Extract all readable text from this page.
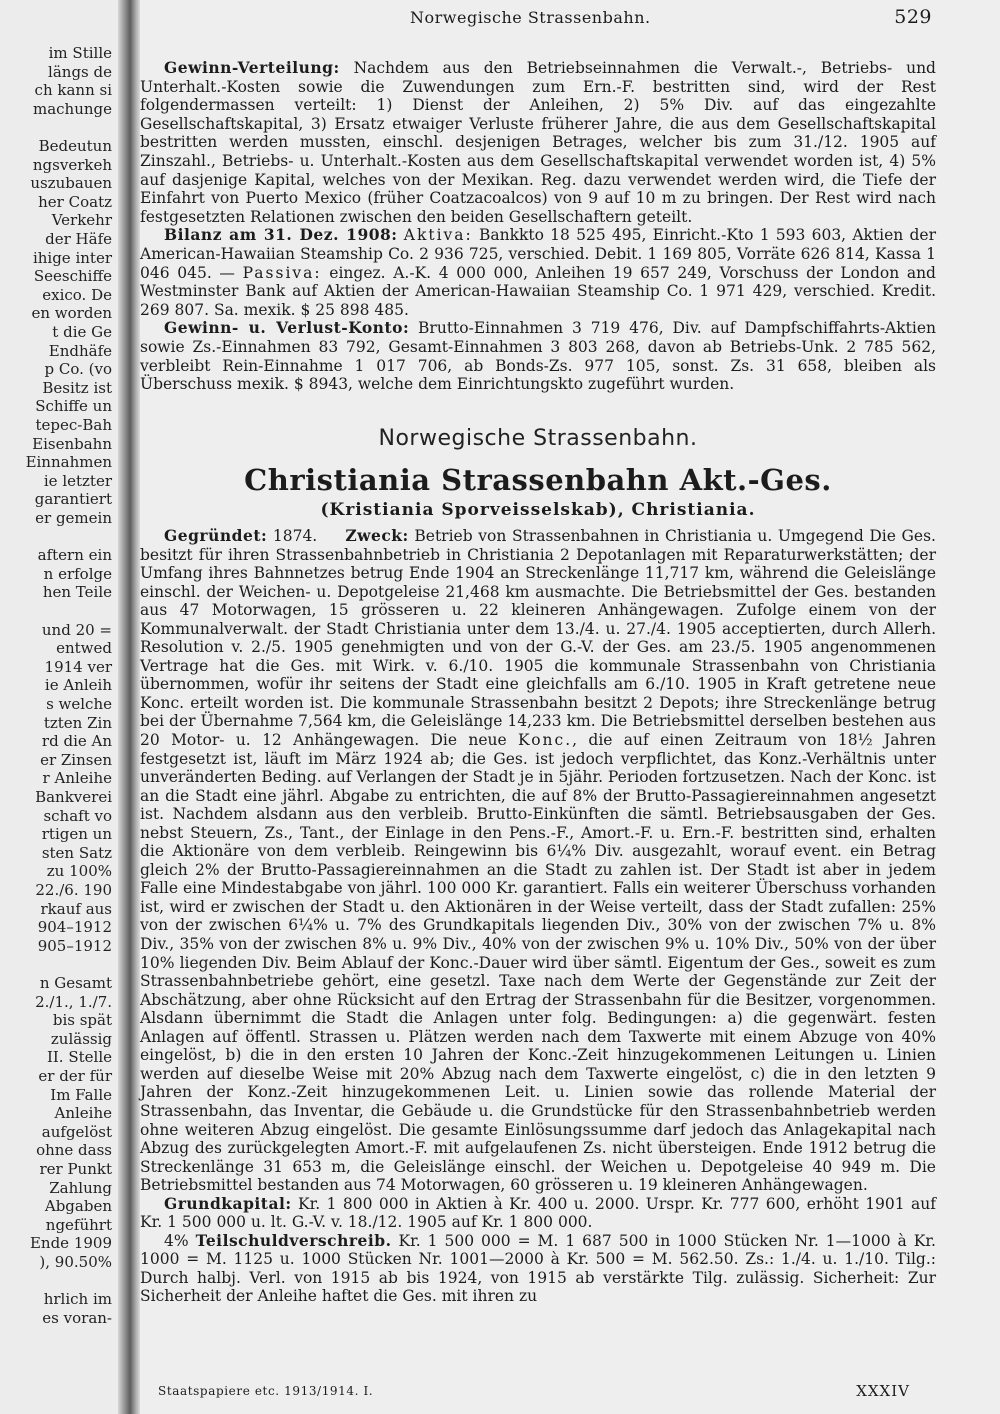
im Stille
längs de
ch kann si
machunge
Bedeutun
ngsverkeh
uszubauen
her Coatz
Verkehr
der Häfe
ihige inter
Seeschiffe
exico. De
en worden
t die Ge
Endhäfe
p Co. (vo
Besitz ist
Schiffe un
tepec-Bah
Eisenbahn
Einnahmen
ie letzter
garantiert
er gemein
aftern ein
n erfolge
hen Teile
und 20 =
entwed
1914 ver
ie Anleih
s welche
tzten Zin
rd die An
er Zinsen
r Anleihe
Bankverei
schaft vo
rtigen un
sten Satz
zu 100%
22./6. 190
rkauf aus
904–1912
905–1912
n Gesamt
2./1., 1./7.
bis spät
zulässig
II. Stelle
er der für
Im Falle
Anleihe
aufgelöst
ohne dass
rer Punkt
Zahlung
Abgaben
ngeführt
Ende 1909
), 90.50%
hrlich im
es voran-
Norwegische Strassenbahn.	529

Gewinn-Verteilung: Nachdem aus den Betriebseinnahmen die Verwalt.-, Betriebs- und Unterhalt.-Kosten sowie die Zuwendungen zum Ern.-F. bestritten sind, wird der Rest folgendermassen verteilt: 1) Dienst der Anleihen, 2) 5% Div. auf das eingezahlte Gesellschaftskapital, 3) Ersatz etwaiger Verluste früherer Jahre, die aus dem Gesellschaftskapital bestritten werden mussten, einschl. desjenigen Betrages, welcher bis zum 31./12. 1905 auf Zinszahl., Betriebs- u. Unterhalt.-Kosten aus dem Gesellschaftskapital verwendet worden ist, 4) 5% auf dasjenige Kapital, welches von der Mexikan. Reg. dazu verwendet werden wird, die Tiefe der Einfahrt von Puerto Mexico (früher Coatzacoalcos) von 9 auf 10 m zu bringen. Der Rest wird nach festgesetzten Relationen zwischen den beiden Gesellschaftern geteilt.

Bilanz am 31. Dez. 1908: Aktiva: Bankkto 18 525 495, Einricht.-Kto 1 593 603, Aktien der American-Hawaiian Steamship Co. 2 936 725, verschied. Debit. 1 169 805, Vorräte 626 814, Kassa 1 046 045. — Passiva: eingez. A.-K. 4 000 000, Anleihen 19 657 249, Vorschuss der London and Westminster Bank auf Aktien der American-Hawaiian Steamship Co. 1 971 429, verschied. Kredit. 269 807. Sa. mexik. $ 25 898 485.

Gewinn- u. Verlust-Konto: Brutto-Einnahmen 3 719 476, Div. auf Dampfschiffahrts-Aktien sowie Zs.-Einnahmen 83 792, Gesamt-Einnahmen 3 803 268, davon ab Betriebs-Unk. 2 785 562, verbleibt Rein-Einnahme 1 017 706, ab Bonds-Zs. 977 105, sonst. Zs. 31 658, bleiben als Überschuss mexik. $ 8943, welche dem Einrichtungskto zugeführt wurden.

Norwegische Strassenbahn.
Christiania Strassenbahn Akt.-Ges.
(Kristiania Sporveisselskab), Christiania.

Gegründet: 1874. Zweck: Betrieb von Strassenbahnen in Christiania u. Umgegend Die Ges. besitzt für ihren Strassenbahnbetrieb in Christiania 2 Depotanlagen mit Reparaturwerkstätten; der Umfang ihres Bahnnetzes betrug Ende 1904 an Streckenlänge 11,717 km, während die Geleislänge einschl. der Weichen- u. Depotgeleise 21,468 km ausmachte. Die Betriebsmittel der Ges. bestanden aus 47 Motorwagen, 15 grösseren u. 22 kleineren Anhängewagen. Zufolge einem von der Kommunalverwalt. der Stadt Christiania unter dem 13./4. u. 27./4. 1905 acceptierten, durch Allerh. Resolution v. 2./5. 1905 genehmigten und von der G.-V. der Ges. am 23./5. 1905 angenommenen Vertrage hat die Ges. mit Wirk. v. 6./10. 1905 die kommunale Strassenbahn von Christiania übernommen, wofür ihr seitens der Stadt eine gleichfalls am 6./10. 1905 in Kraft getretene neue Konc. erteilt worden ist. Die kommunale Strassenbahn besitzt 2 Depots; ihre Streckenlänge betrug bei der Übernahme 7,564 km, die Geleislänge 14,233 km. Die Betriebsmittel derselben bestehen aus 20 Motor- u. 12 Anhängewagen. Die neue Konc., die auf einen Zeitraum von 18½ Jahren festgesetzt ist, läuft im März 1924 ab; die Ges. ist jedoch verpflichtet, das Konz.-Verhältnis unter unveränderten Beding. auf Verlangen der Stadt je in 5jähr. Perioden fortzusetzen. Nach der Konc. ist an die Stadt eine jährl. Abgabe zu entrichten, die auf 8% der Brutto-Passagiereinnahmen angesetzt ist. Nachdem alsdann aus den verbleib. Brutto-Einkünften die sämtl. Betriebsausgaben der Ges. nebst Steuern, Zs., Tant., der Einlage in den Pens.-F., Amort.-F. u. Ern.-F. bestritten sind, erhalten die Aktionäre von dem verbleib. Reingewinn bis 6¼% Div. ausgezahlt, worauf event. ein Betrag gleich 2% der Brutto-Passagiereinnahmen an die Stadt zu zahlen ist. Der Stadt ist aber in jedem Falle eine Mindestabgabe von jährl. 100 000 Kr. garantiert. Falls ein weiterer Überschuss vorhanden ist, wird er zwischen der Stadt u. den Aktionären in der Weise verteilt, dass der Stadt zufallen: 25% von der zwischen 6¼% u. 7% des Grundkapitals liegenden Div., 30% von der zwischen 7% u. 8% Div., 35% von der zwischen 8% u. 9% Div., 40% von der zwischen 9% u. 10% Div., 50% von der über 10% liegenden Div. Beim Ablauf der Konc.-Dauer wird über sämtl. Eigentum der Ges., soweit es zum Strassenbahnbetriebe gehört, eine gesetzl. Taxe nach dem Werte der Gegenstände zur Zeit der Abschätzung, aber ohne Rücksicht auf den Ertrag der Strassenbahn für die Besitzer, vorgenommen. Alsdann übernimmt die Stadt die Anlagen unter folg. Bedingungen: a) die gegenwärt. festen Anlagen auf öffentl. Strassen u. Plätzen werden nach dem Taxwerte mit einem Abzuge von 40% eingelöst, b) die in den ersten 10 Jahren der Konc.-Zeit hinzugekommenen Leitungen u. Linien werden auf dieselbe Weise mit 20% Abzug nach dem Taxwerte eingelöst, c) die in den letzten 9 Jahren der Konz.-Zeit hinzugekommenen Leit. u. Linien sowie das rollende Material der Strassenbahn, das Inventar, die Gebäude u. die Grundstücke für den Strassenbahnbetrieb werden ohne weiteren Abzug eingelöst. Die gesamte Einlösungssumme darf jedoch das Anlagekapital nach Abzug des zurückgelegten Amort.-F. mit aufgelaufenen Zs. nicht übersteigen. Ende 1912 betrug die Streckenlänge 31 653 m, die Geleislänge einschl. der Weichen u. Depotgeleise 40 949 m. Die Betriebsmittel bestanden aus 74 Motorwagen, 60 grösseren u. 19 kleineren Anhängewagen.

Grundkapital: Kr. 1 800 000 in Aktien à Kr. 400 u. 2000. Urspr. Kr. 777 600, erhöht 1901 auf Kr. 1 500 000 u. lt. G.-V. v. 18./12. 1905 auf Kr. 1 800 000.

4% Teilschuldverschreib. Kr. 1 500 000 = M. 1 687 500 in 1000 Stücken Nr. 1—1000 à Kr. 1000 = M. 1125 u. 1000 Stücken Nr. 1001—2000 à Kr. 500 = M. 562.50. Zs.: 1./4. u. 1./10. Tilg.: Durch halbj. Verl. von 1915 ab bis 1924, von 1915 ab verstärkte Tilg. zulässig. Sicherheit: Zur Sicherheit der Anleihe haftet die Ges. mit ihren zu

Staatspapiere etc. 1913/1914. I.	XXXIV
